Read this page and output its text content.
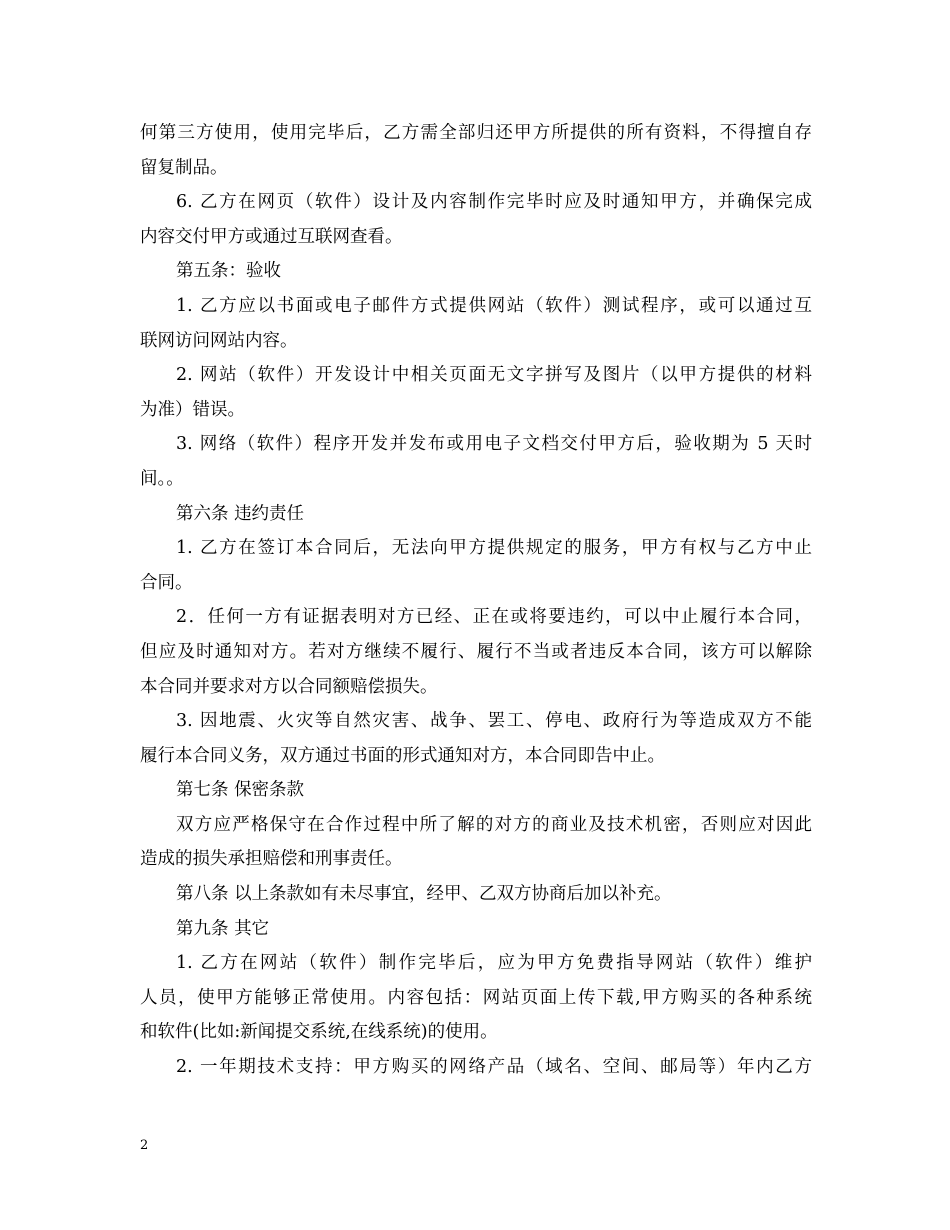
何第三方使用，使用完毕后，乙方需全部归还甲方所提供的所有资料，不得擅自存
留复制品。
6. 乙方在网页（软件）设计及内容制作完毕时应及时通知甲方，并确保完成
内容交付甲方或通过互联网查看。
第五条：验收
1. 乙方应以书面或电子邮件方式提供网站（软件）测试程序，或可以通过互
联网访问网站内容。
2. 网站（软件）开发设计中相关页面无文字拼写及图片（以甲方提供的材料
为准）错误。
3. 网络（软件）程序开发并发布或用电子文档交付甲方后，验收期为 5 天时
间。。
第六条 违约责任
1. 乙方在签订本合同后，无法向甲方提供规定的服务，甲方有权与乙方中止
合同。
2．任何一方有证据表明对方已经、正在或将要违约，可以中止履行本合同，
但应及时通知对方。若对方继续不履行、履行不当或者违反本合同，该方可以解除
本合同并要求对方以合同额赔偿损失。
3. 因地震、火灾等自然灾害、战争、罢工、停电、政府行为等造成双方不能
履行本合同义务，双方通过书面的形式通知对方，本合同即告中止。
第七条 保密条款
双方应严格保守在合作过程中所了解的对方的商业及技术机密，否则应对因此
造成的损失承担赔偿和刑事责任。
第八条 以上条款如有未尽事宜，经甲、乙双方协商后加以补充。
第九条 其它
1. 乙方在网站（软件）制作完毕后，应为甲方免费指导网站（软件）维护
人员，使甲方能够正常使用。内容包括：网站页面上传下载,甲方购买的各种系统
和软件(比如:新闻提交系统,在线系统)的使用。
2. 一年期技术支持：甲方购买的网络产品（域名、空间、邮局等）年内乙方
2
